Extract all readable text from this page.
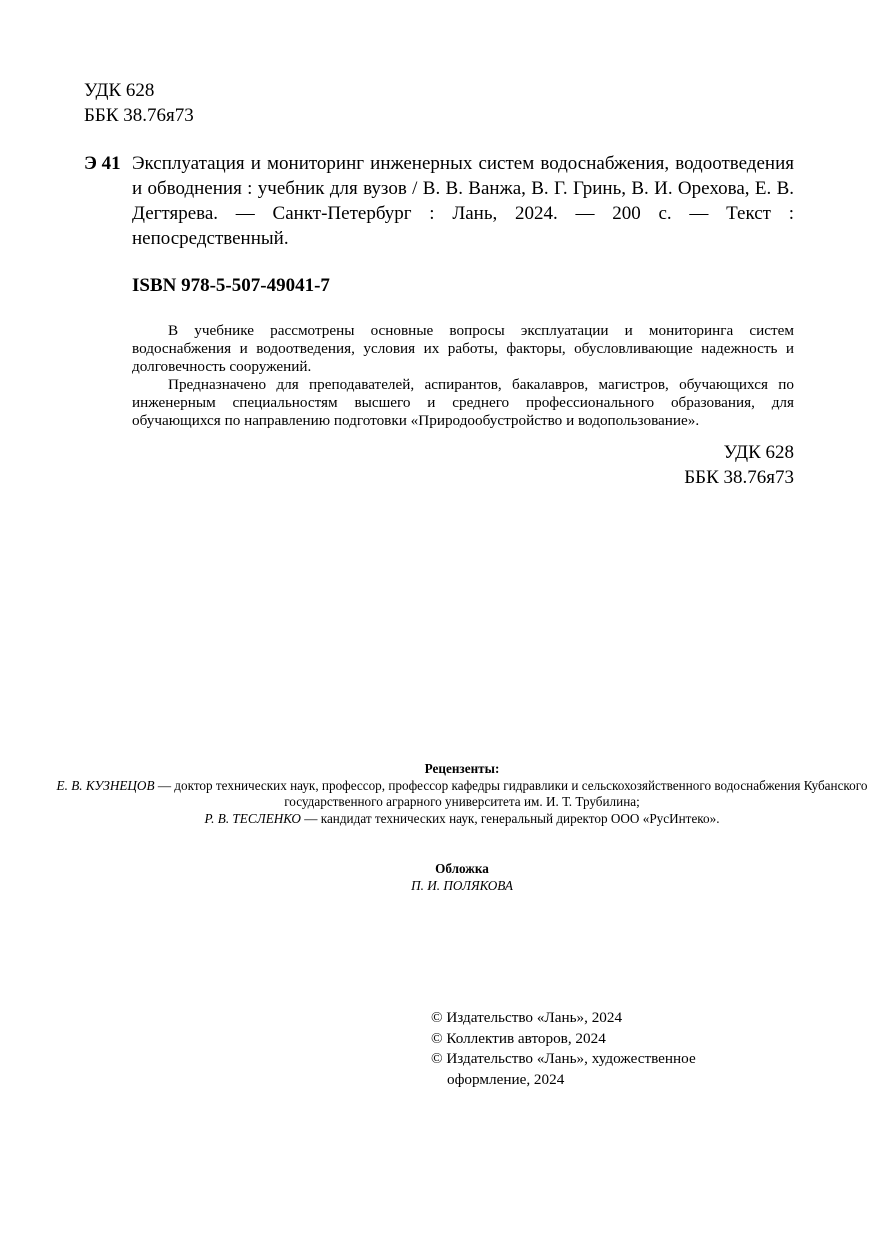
УДК 628
ББК 38.76я73
Э 41 Эксплуатация и мониторинг инженерных систем водоснабжения, водоотведения и обводнения : учебник для вузов / В. В. Ванжа, В. Г. Гринь, В. И. Орехова, Е. В. Дегтярева. — Санкт-Петербург : Лань, 2024. — 200 с. — Текст : непосредственный.
ISBN 978-5-507-49041-7

В учебнике рассмотрены основные вопросы эксплуатации и мониторинга систем водоснабжения и водоотведения, условия их работы, факторы, обусловливающие надежность и долговечность сооружений.

Предназначено для преподавателей, аспирантов, бакалавров, магистров, обучающихся по инженерным специальностям высшего и среднего профессионального образования, для обучающихся по направлению подготовки «Природообустройство и водопользование».

УДК 628
ББК 38.76я73
Рецензенты:
Е. В. КУЗНЕЦОВ — доктор технических наук, профессор, профессор кафедры гидравлики и сельскохозяйственного водоснабжения Кубанского государственного аграрного университета им. И. Т. Трубилина;
Р. В. ТЕСЛЕНКО — кандидат технических наук, генеральный директор ООО «РусИнтеко».
Обложка
П. И. ПОЛЯКОВА
© Издательство «Лань», 2024
© Коллектив авторов, 2024
© Издательство «Лань», художественное
оформление, 2024
